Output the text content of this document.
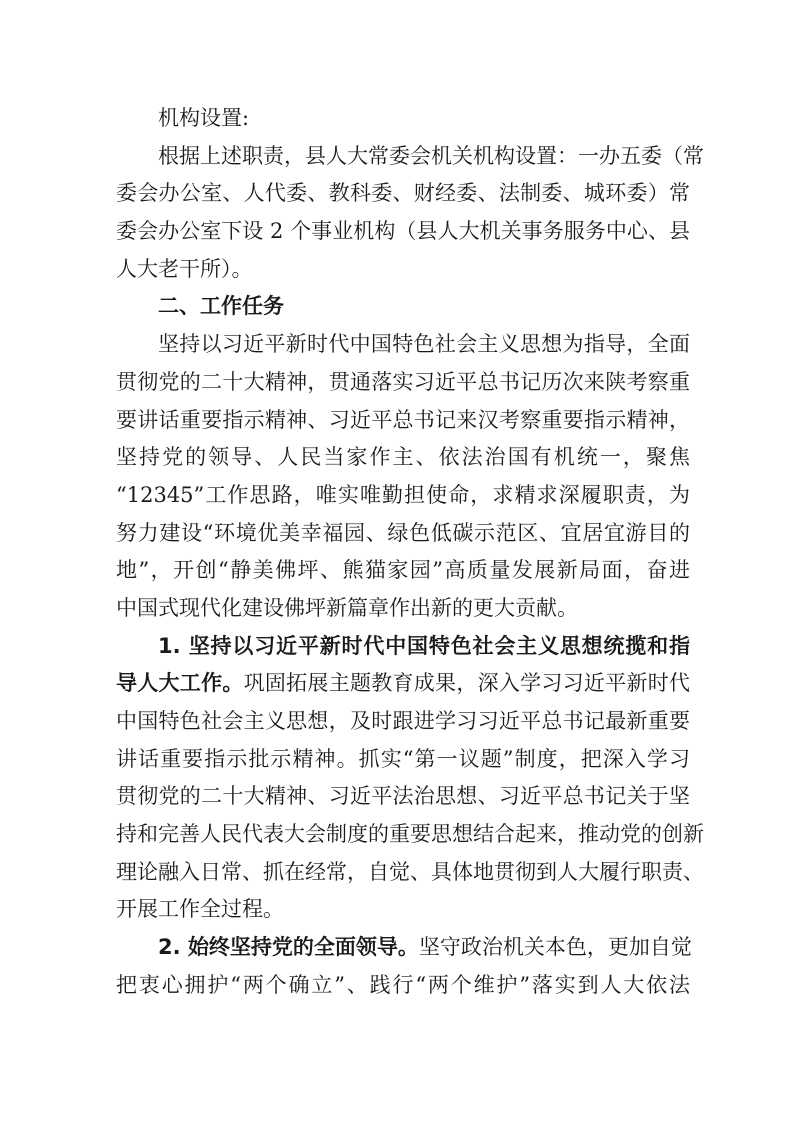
机构设置:
根据上述职责，县人大常委会机关机构设置：一办五委（常
委会办公室、人代委、教科委、财经委、法制委、城环委）常
委会办公室下设 2 个事业机构（县人大机关事务服务中心、县
人大老干所）。
二、工作任务
坚持以习近平新时代中国特色社会主义思想为指导，全面
贯彻党的二十大精神，贯通落实习近平总书记历次来陕考察重
要讲话重要指示精神、习近平总书记来汉考察重要指示精神，
坚持党的领导、人民当家作主、依法治国有机统一，聚焦
“12345”工作思路，唯实唯勤担使命，求精求深履职责，为
努力建设“环境优美幸福园、绿色低碳示范区、宜居宜游目的
地”，开创“静美佛坪、熊猫家园”高质量发展新局面，奋进
中国式现代化建设佛坪新篇章作出新的更大贡献。
1. 坚持以习近平新时代中国特色社会主义思想统揽和指
导人大工作。巩固拓展主题教育成果，深入学习习近平新时代
中国特色社会主义思想，及时跟进学习习近平总书记最新重要
讲话重要指示批示精神。抓实“第一议题”制度，把深入学习
贯彻党的二十大精神、习近平法治思想、习近平总书记关于坚
持和完善人民代表大会制度的重要思想结合起来，推动党的创新
理论融入日常、抓在经常，自觉、具体地贯彻到人大履行职责、
开展工作全过程。
2. 始终坚持党的全面领导。坚守政治机关本色，更加自觉
把衷心拥护“两个确立”、践行“两个维护”落实到人大依法
